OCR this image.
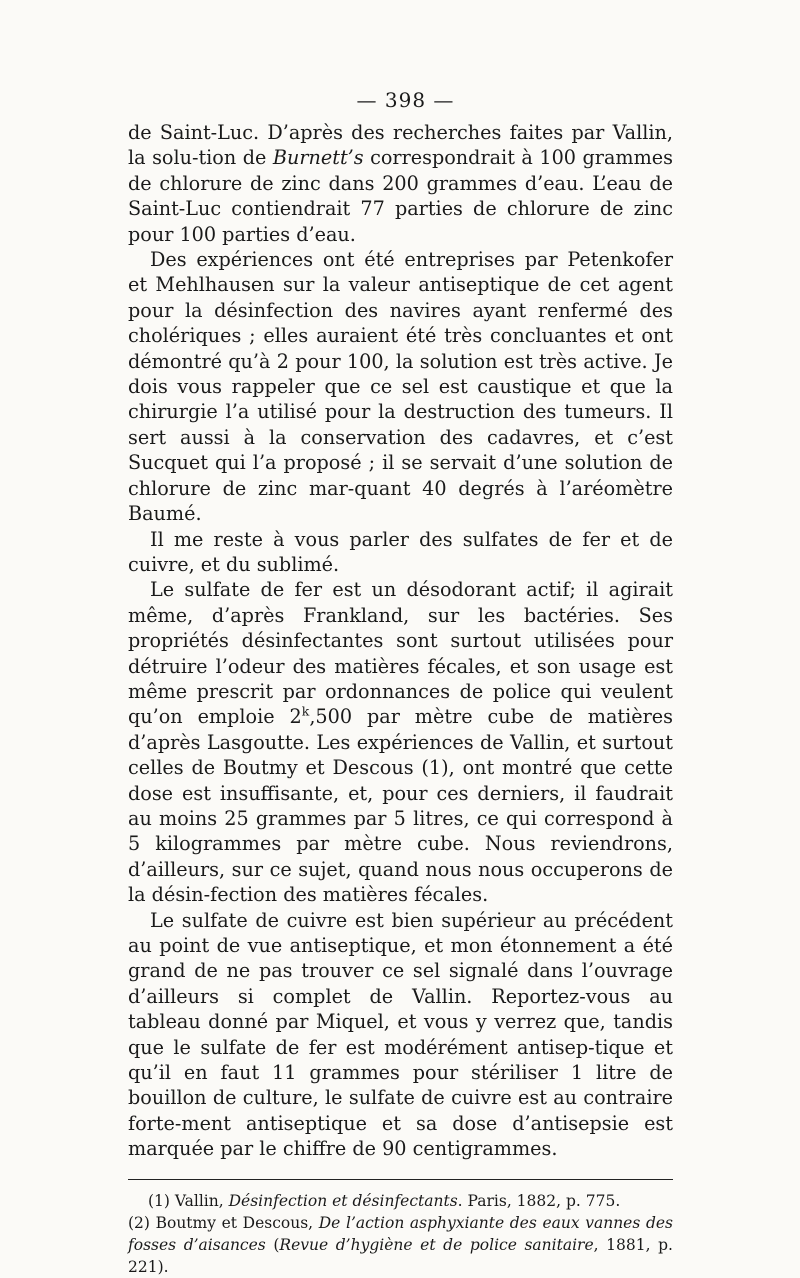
— 398 —

de Saint-Luc. D’après des recherches faites par Vallin, la solu-tion de Burnett’s correspondrait à 100 grammes de chlorure de zinc dans 200 grammes d’eau. L’eau de Saint-Luc contiendrait 77 parties de chlorure de zinc pour 100 parties d’eau.

Des expériences ont été entreprises par Petenkofer et Mehlhausen sur la valeur antiseptique de cet agent pour la désinfection des navires ayant renfermé des cholériques ; elles auraient été très concluantes et ont démontré qu’à 2 pour 100, la solution est très active. Je dois vous rappeler que ce sel est caustique et que la chirurgie l’a utilisé pour la destruction des tumeurs. Il sert aussi à la conservation des cadavres, et c’est Sucquet qui l’a proposé ; il se servait d’une solution de chlorure de zinc mar-quant 40 degrés à l’aréomètre Baumé.

Il me reste à vous parler des sulfates de fer et de cuivre, et du sublimé.

Le sulfate de fer est un désodorant actif; il agirait même, d’après Frankland, sur les bactéries. Ses propriétés désinfectantes sont surtout utilisées pour détruire l’odeur des matières fécales, et son usage est même prescrit par ordonnances de police qui veulent qu’on emploie 2$^k$,500 par mètre cube de matières d’après Lasgoutte. Les expériences de Vallin, et surtout celles de Boutmy et Descous (1), ont montré que cette dose est insuffisante, et, pour ces derniers, il faudrait au moins 25 grammes par 5 litres, ce qui correspond à 5 kilogrammes par mètre cube. Nous reviendrons, d’ailleurs, sur ce sujet, quand nous nous occuperons de la désin-fection des matières fécales.

Le sulfate de cuivre est bien supérieur au précédent au point de vue antiseptique, et mon étonnement a été grand de ne pas trouver ce sel signalé dans l’ouvrage d’ailleurs si complet de Vallin. Reportez-vous au tableau donné par Miquel, et vous y verrez que, tandis que le sulfate de fer est modérément antisep-tique et qu’il en faut 11 grammes pour stériliser 1 litre de bouillon de culture, le sulfate de cuivre est au contraire forte-ment antiseptique et sa dose d’antisepsie est marquée par le chiffre de 90 centigrammes.

(1) Vallin, Désinfection et désinfectants. Paris, 1882, p. 775.

(2) Boutmy et Descous, De l’action asphyxiante des eaux vannes des fosses d’aisances (Revue d’hygiène et de police sanitaire, 1881, p. 221).
